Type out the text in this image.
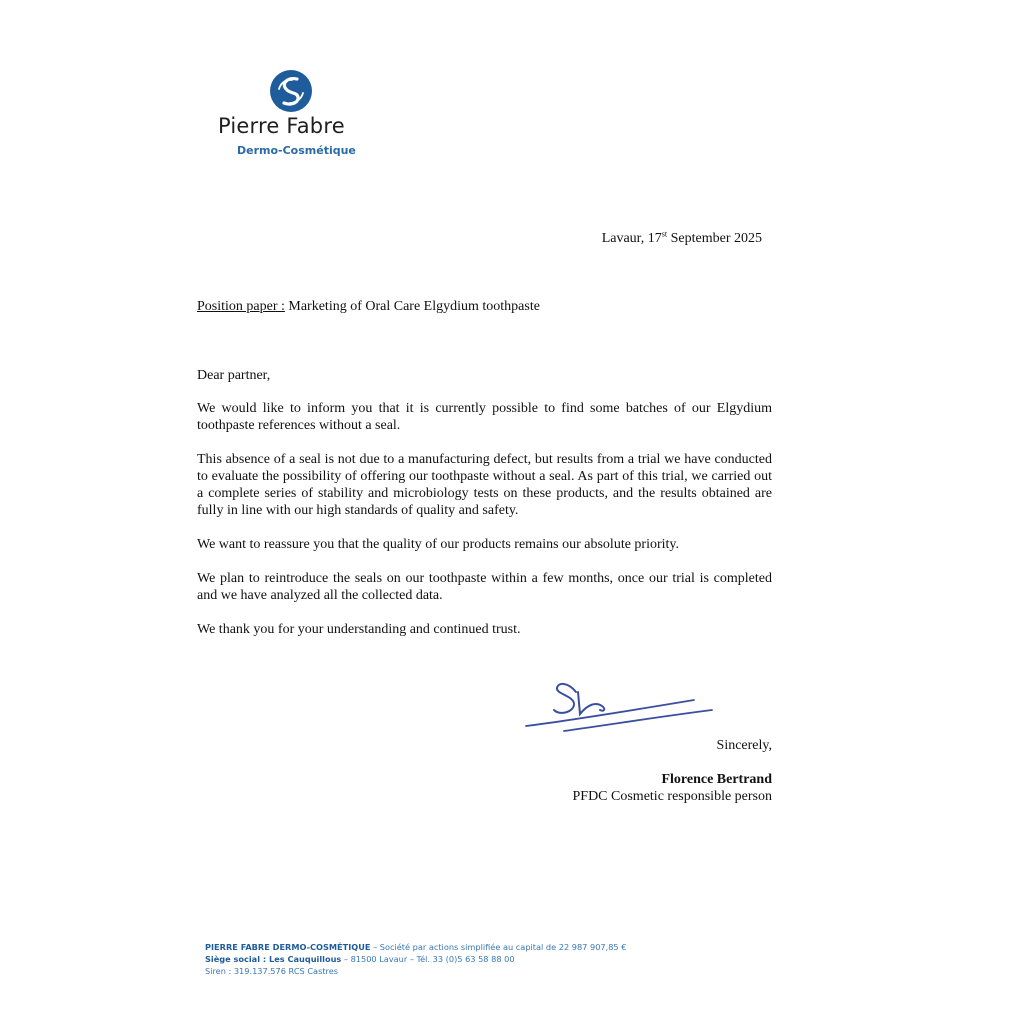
Pierre Fabre
Dermo-Cosmétique
Lavaur, 17st September 2025
Position paper : Marketing of Oral Care Elgydium toothpaste

Dear partner,

We would like to inform you that it is currently possible to find some batches of our Elgydium toothpaste references without a seal.

This absence of a seal is not due to a manufacturing defect, but results from a trial we have conducted to evaluate the possibility of offering our toothpaste without a seal. As part of this trial, we carried out a complete series of stability and microbiology tests on these products, and the results obtained are fully in line with our high standards of quality and safety.

We want to reassure you that the quality of our products remains our absolute priority.

We plan to reintroduce the seals on our toothpaste within a few months, once our trial is completed and we have analyzed all the collected data.

We thank you for your understanding and continued trust.

Sincerely,
Florence Bertrand
PFDC Cosmetic responsible person
PIERRE FABRE DERMO-COSMÉTIQUE – Société par actions simplifiée au capital de 22 987 907,85 €
Siège social : Les Cauquillous – 81500 Lavaur – Tél. 33 (0)5 63 58 88 00
Siren : 319.137.576 RCS Castres
